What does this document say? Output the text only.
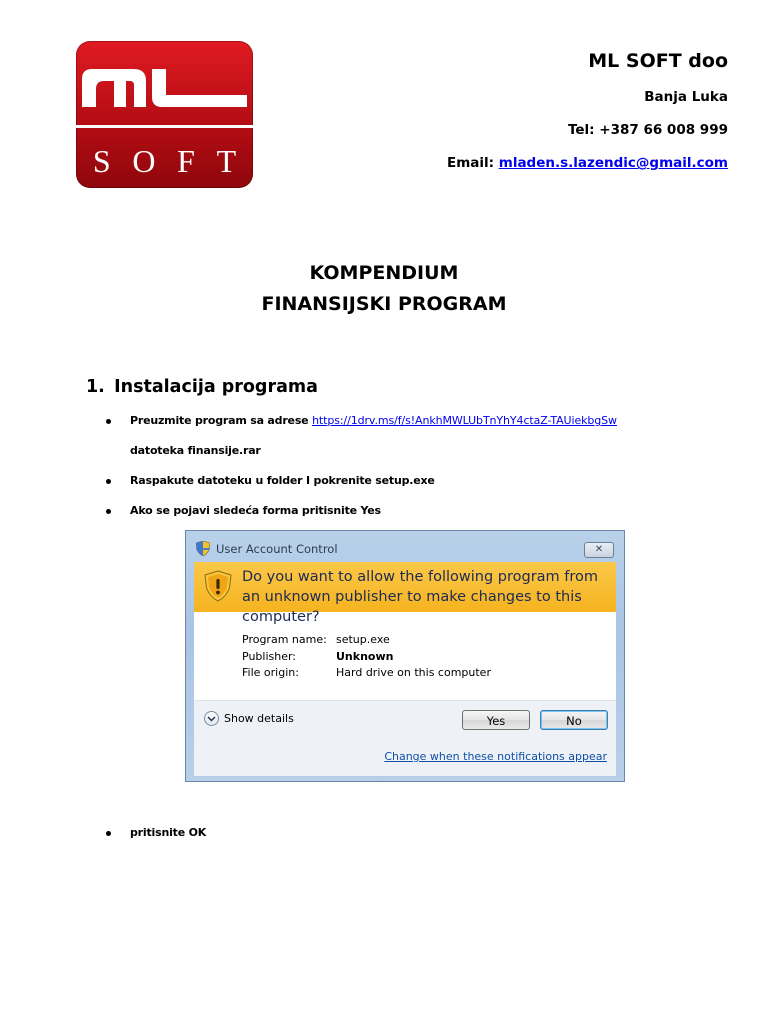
S O F T
ML SOFT doo
Banja Luka
Tel: +387 66 008 999
Email: mladen.s.lazendic@gmail.com
KOMPENDIUM
FINANSIJSKI PROGRAM
1. Instalacija programa
Preuzmite program sa adrese https://1drv.ms/f/s!AnkhMWLUbTnYhY4ctaZ-TAUiekbgSw
datoteka finansije.rar
Raspakute datoteku u folder I pokrenite setup.exe
Ako se pojavi sledeća forma pritisnite Yes
pritisnite OK
User Account Control	✕
Do you want to allow the following program from an unknown publisher to make changes to this computer?
Program name: setup.exe
Publisher:	Unknown
File origin:	Hard drive on this computer
Show details	Yes	No
Change when these notifications appear
